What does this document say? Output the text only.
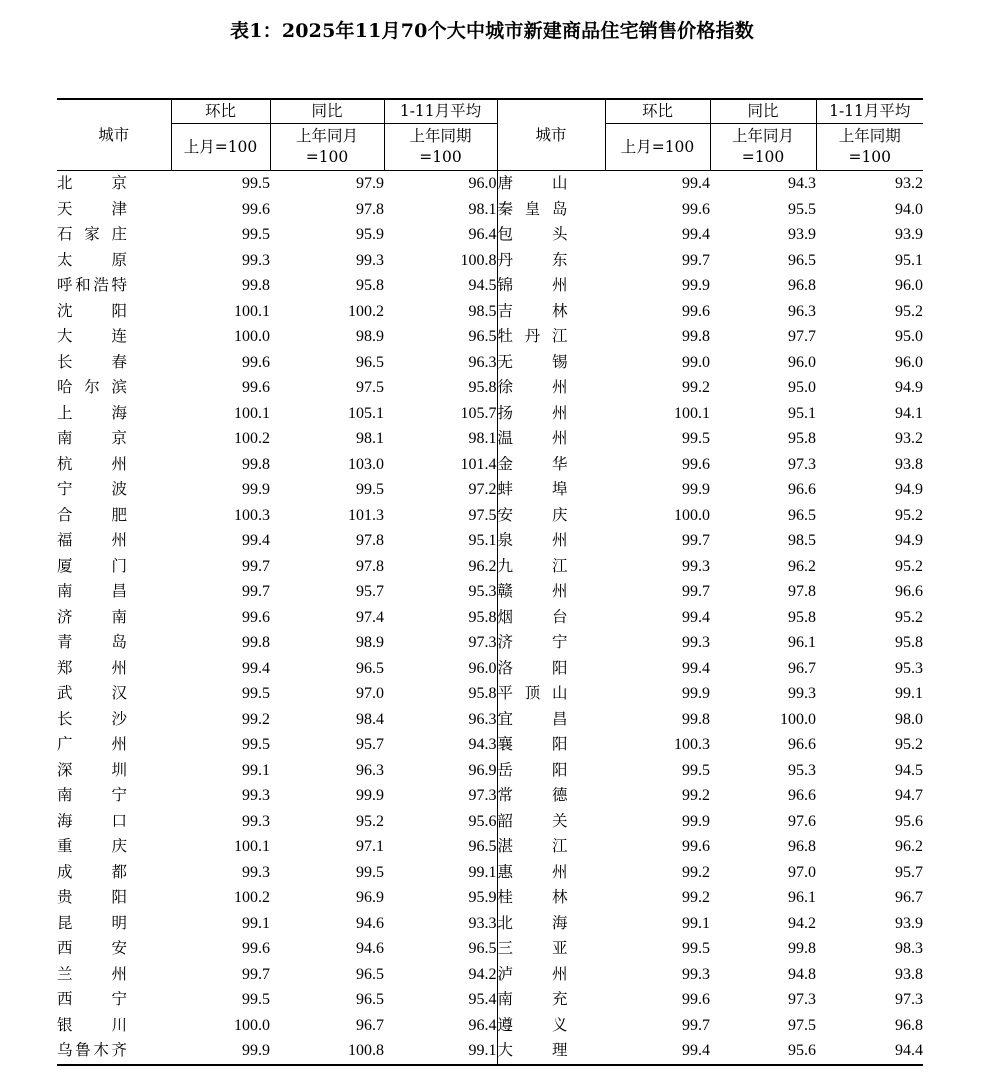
表1：2025年11月70个大中城市新建商品住宅销售价格指数
城市	环比	同比	1-11月平均	城市	环比	同比	1-11月平均
	上月=100	上年同月=100	上年同期=100		上月=100	上年同月=100	上年同期=100

北 京	99.5	97.9	96.0	唐 山	99.4	94.3	93.2

天 津	99.6	97.8	98.1	秦 皇 岛	99.6	95.5	94.0

石 家 庄	99.5	95.9	96.4	包 头	99.4	93.9	93.9

太 原	99.3	99.3	100.8	丹 东	99.7	96.5	95.1

呼 和 浩 特	99.8	95.8	94.5	锦 州	99.9	96.8	96.0

沈 阳	100.1	100.2	98.5	吉 林	99.6	96.3	95.2

大 连	100.0	98.9	96.5	牡 丹 江	99.8	97.7	95.0

长 春	99.6	96.5	96.3	无 锡	99.0	96.0	96.0

哈 尔 滨	99.6	97.5	95.8	徐 州	99.2	95.0	94.9

上 海	100.1	105.1	105.7	扬 州	100.1	95.1	94.1

南 京	100.2	98.1	98.1	温 州	99.5	95.8	93.2

杭 州	99.8	103.0	101.4	金 华	99.6	97.3	93.8

宁 波	99.9	99.5	97.2	蚌 埠	99.9	96.6	94.9

合 肥	100.3	101.3	97.5	安 庆	100.0	96.5	95.2

福 州	99.4	97.8	95.1	泉 州	99.7	98.5	94.9

厦 门	99.7	97.8	96.2	九 江	99.3	96.2	95.2

南 昌	99.7	95.7	95.3	赣 州	99.7	97.8	96.6

济 南	99.6	97.4	95.8	烟 台	99.4	95.8	95.2

青 岛	99.8	98.9	97.3	济 宁	99.3	96.1	95.8

郑 州	99.4	96.5	96.0	洛 阳	99.4	96.7	95.3

武 汉	99.5	97.0	95.8	平 顶 山	99.9	99.3	99.1

长 沙	99.2	98.4	96.3	宜 昌	99.8	100.0	98.0

广 州	99.5	95.7	94.3	襄 阳	100.3	96.6	95.2

深 圳	99.1	96.3	96.9	岳 阳	99.5	95.3	94.5

南 宁	99.3	99.9	97.3	常 德	99.2	96.6	94.7

海 口	99.3	95.2	95.6	韶 关	99.9	97.6	95.6

重 庆	100.1	97.1	96.5	湛 江	99.6	96.8	96.2

成 都	99.3	99.5	99.1	惠 州	99.2	97.0	95.7

贵 阳	100.2	96.9	95.9	桂 林	99.2	96.1	96.7

昆 明	99.1	94.6	93.3	北 海	99.1	94.2	93.9

西 安	99.6	94.6	96.5	三 亚	99.5	99.8	98.3

兰 州	99.7	96.5	94.2	泸 州	99.3	94.8	93.8

西 宁	99.5	96.5	95.4	南 充	99.6	97.3	97.3

银 川	100.0	96.7	96.4	遵 义	99.7	97.5	96.8

乌 鲁 木 齐	99.9	100.8	99.1	大 理	99.4	95.6	94.4
